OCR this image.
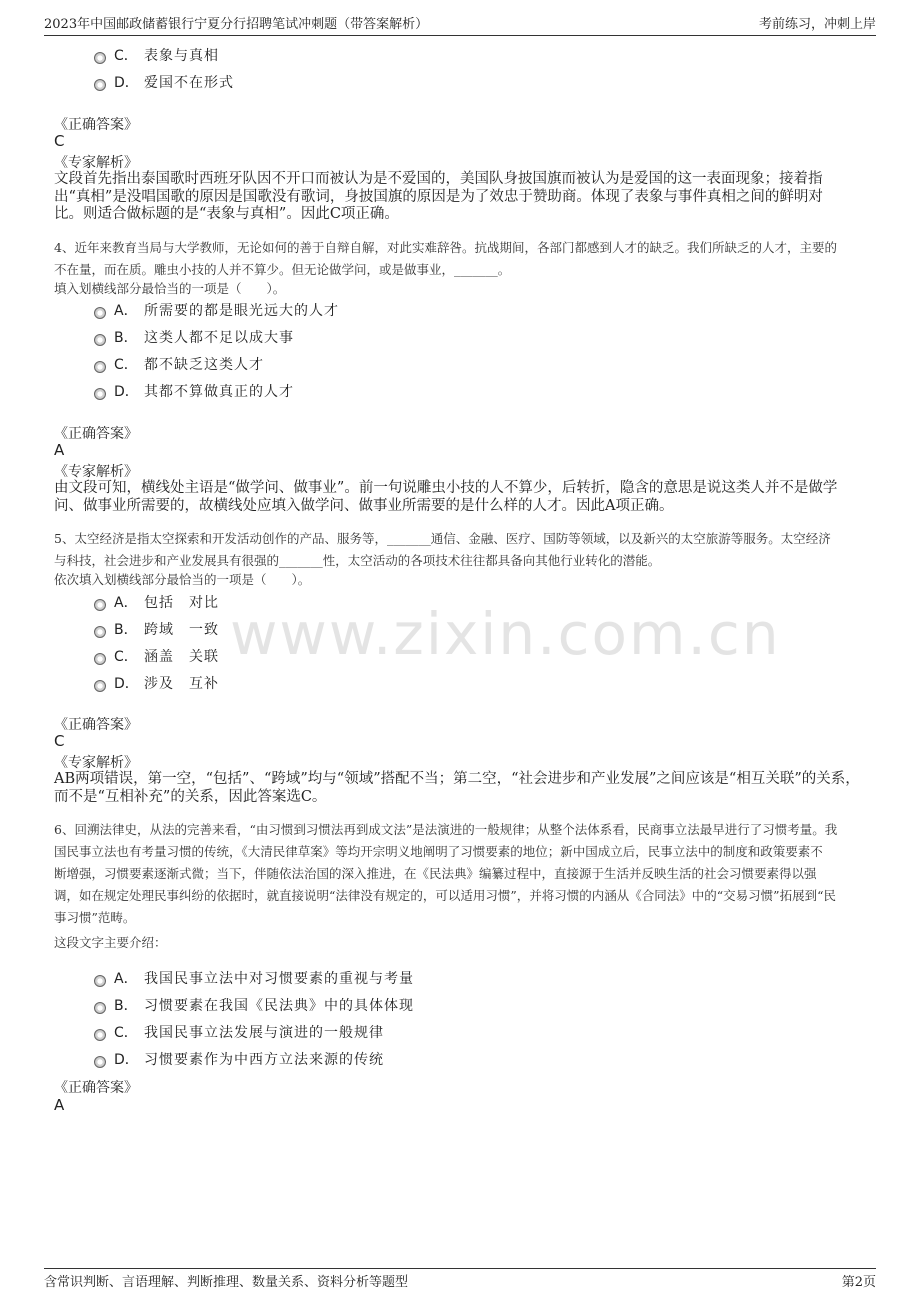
2023年中国邮政储蓄银行宁夏分行招聘笔试冲刺题（带答案解析）	考前练习，冲刺上岸
www.zixin.com.cn
C． 表象与真相
D． 爱国不在形式
《正确答案》
C
《专家解析》
文段首先指出泰国歌时西班牙队因不开口而被认为是不爱国的，美国队身披国旗而被认为是爱国的这一表面现象；接着指
出“真相”是没唱国歌的原因是国歌没有歌词，身披国旗的原因是为了效忠于赞助商。体现了表象与事件真相之间的鲜明对
比。则适合做标题的是“表象与真相”。因此C项正确。
4、近年来教育当局与大学教师，无论如何的善于自辩自解，对此实难辞咎。抗战期间，各部门都感到人才的缺乏。我们所缺乏的人才，主要的
不在量，而在质。雕虫小技的人并不算少。但无论做学问，或是做事业，_______。
填入划横线部分最恰当的一项是（　　）。
A． 所需要的都是眼光远大的人才
B． 这类人都不足以成大事
C． 都不缺乏这类人才
D． 其都不算做真正的人才
《正确答案》
A
《专家解析》
由文段可知，横线处主语是“做学问、做事业”。前一句说雕虫小技的人不算少，后转折，隐含的意思是说这类人并不是做学
问、做事业所需要的，故横线处应填入做学问、做事业所需要的是什么样的人才。因此A项正确。
5、太空经济是指太空探索和开发活动创作的产品、服务等，_______通信、金融、医疗、国防等领域，以及新兴的太空旅游等服务。太空经济
与科技，社会进步和产业发展具有很强的_______性，太空活动的各项技术往往都具备向其他行业转化的潜能。
依次填入划横线部分最恰当的一项是（　　）。
A． 包括　对比
B． 跨域　一致
C． 涵盖　关联
D． 涉及　互补
《正确答案》
C
《专家解析》
AB两项错误，第一空，“包括”、“跨域”均与“领域”搭配不当；第二空，“社会进步和产业发展”之间应该是“相互关联”的关系，
而不是“互相补充”的关系，因此答案选C。
6、回溯法律史，从法的完善来看，“由习惯到习惯法再到成文法”是法演进的一般规律；从整个法体系看，民商事立法最早进行了习惯考量。我
国民事立法也有考量习惯的传统，《大清民律草案》等均开宗明义地阐明了习惯要素的地位；新中国成立后，民事立法中的制度和政策要素不
断增强，习惯要素逐渐式微；当下，伴随依法治国的深入推进，在《民法典》编纂过程中，直接源于生活并反映生活的社会习惯要素得以强
调，如在规定处理民事纠纷的依据时，就直接说明“法律没有规定的，可以适用习惯”，并将习惯的内涵从《合同法》中的“交易习惯”拓展到“民
事习惯”范畴。
这段文字主要介绍：
A． 我国民事立法中对习惯要素的重视与考量
B． 习惯要素在我国《民法典》中的具体体现
C． 我国民事立法发展与演进的一般规律
D． 习惯要素作为中西方立法来源的传统
《正确答案》
A
含常识判断、言语理解、判断推理、数量关系、资料分析等题型	第2页
